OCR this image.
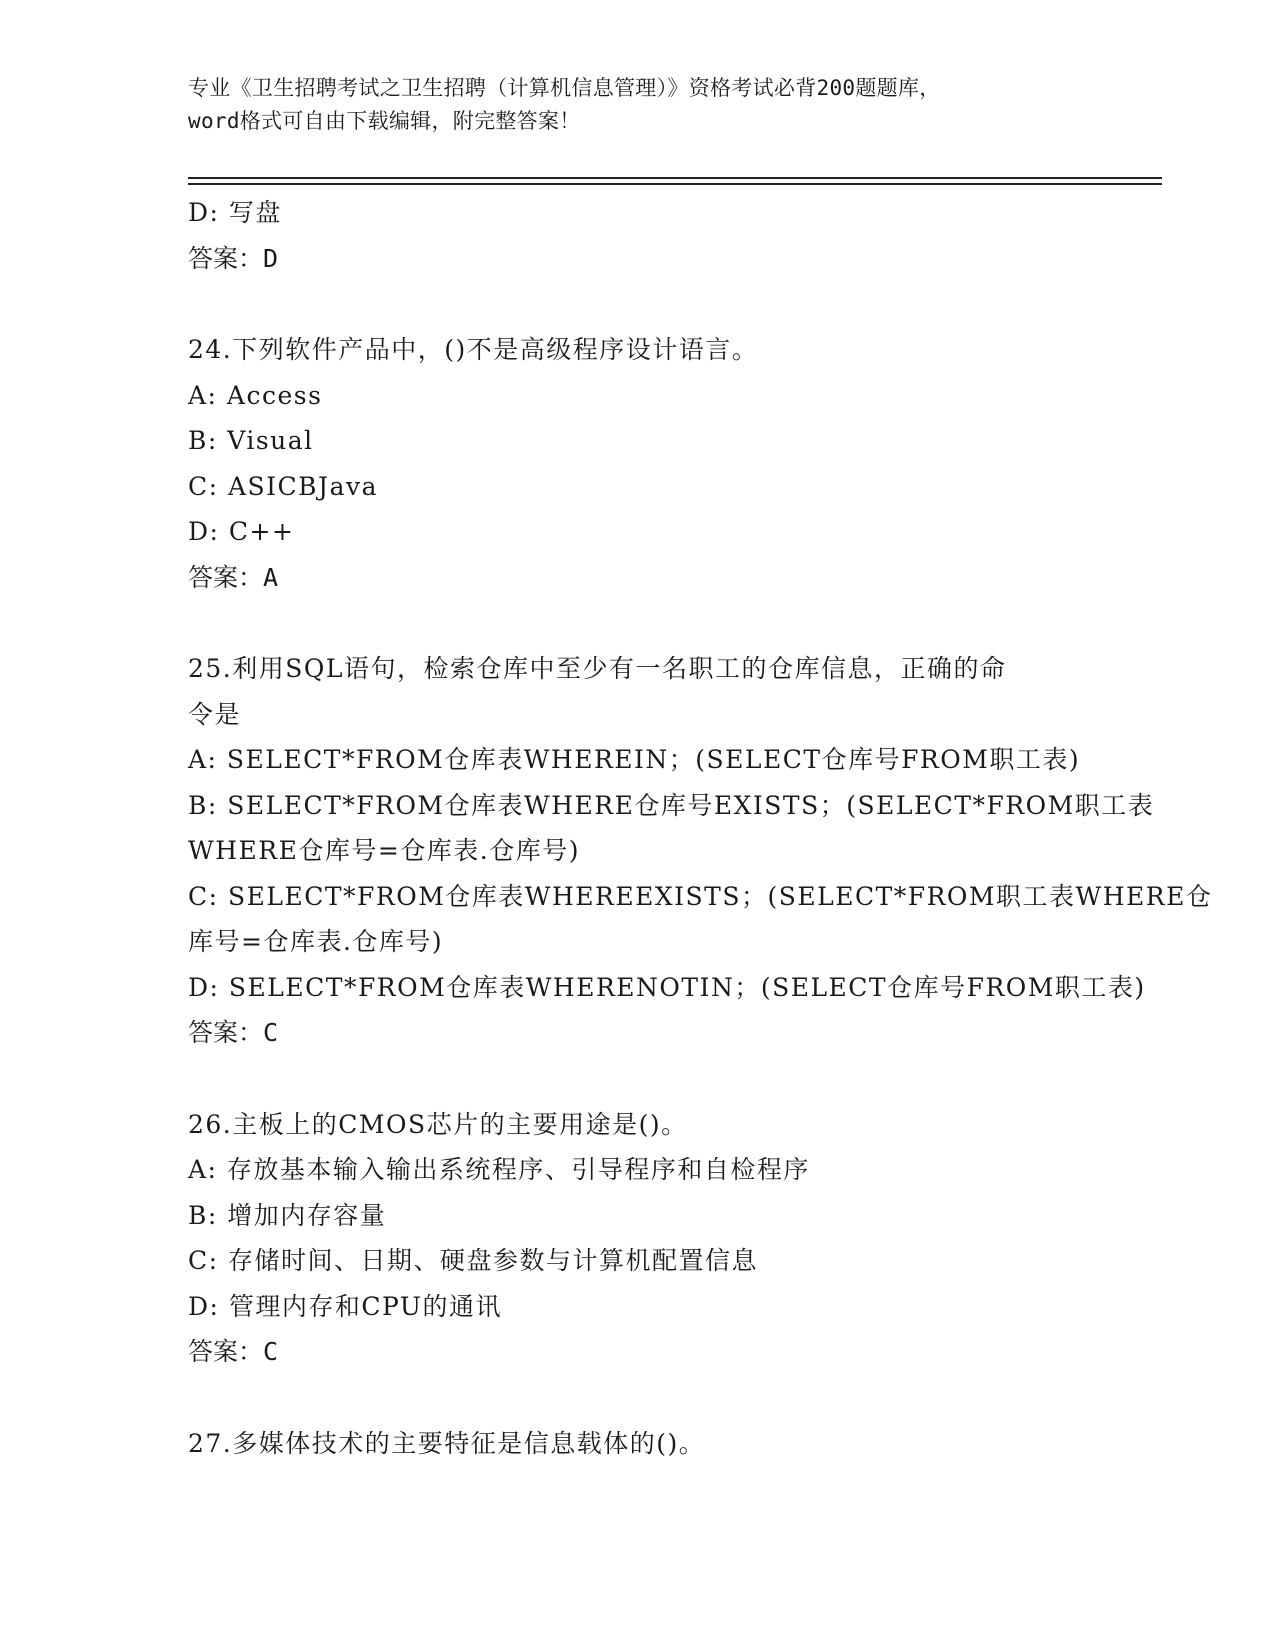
专业《卫生招聘考试之卫生招聘（计算机信息管理）》资格考试必背200题题库，
word格式可自由下载编辑，附完整答案！
D: 写盘
答案：D
24.下列软件产品中，()不是高级程序设计语言。
A: Access
B: Visual
C: ASICBJava
D: C++
答案：A
25.利用SQL语句，检索仓库中至少有一名职工的仓库信息，正确的命
令是
A: SELECT*FROM仓库表WHEREIN；(SELECT仓库号FROM职工表)
B: SELECT*FROM仓库表WHERE仓库号EXISTS；(SELECT*FROM职工表
WHERE仓库号=仓库表.仓库号)
C: SELECT*FROM仓库表WHEREEXISTS；(SELECT*FROM职工表WHERE仓
库号=仓库表.仓库号)
D: SELECT*FROM仓库表WHERENOTIN；(SELECT仓库号FROM职工表)
答案：C
26.主板上的CMOS芯片的主要用途是()。
A: 存放基本输入输出系统程序、引导程序和自检程序
B: 增加内存容量
C: 存储时间、日期、硬盘参数与计算机配置信息
D: 管理内存和CPU的通讯
答案：C
27.多媒体技术的主要特征是信息载体的()。
